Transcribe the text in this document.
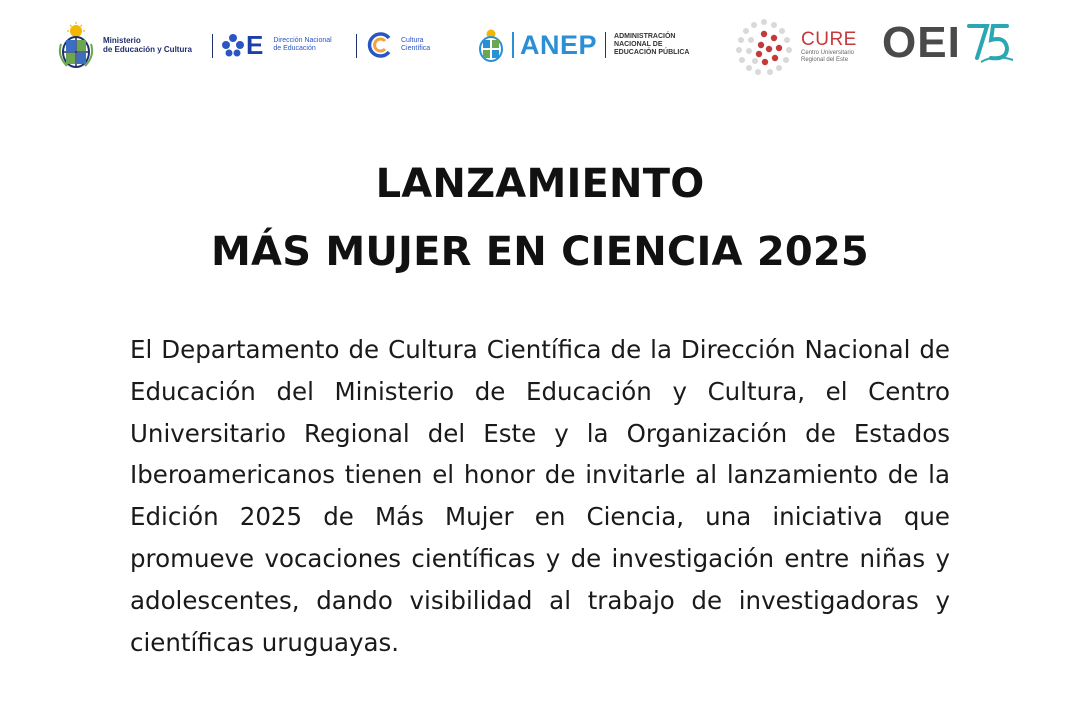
Ministerio
de Educación y Cultura E Dirección Nacional
de Educación
Cultura
Científica	ANEP ADMINISTRACIÓN
NACIONAL DE
EDUCACIÓN PÚBLICA
CURE
Centro Universitario
Regional del Este OEI
LANZAMIENTO
MÁS MUJER EN CIENCIA 2025

El Departamento de Cultura Científica de la Dirección Nacional de Educación del Ministerio de Educación y Cultura, el Centro Universitario Regional del Este y la Organización de Estados Iberoamericanos tienen el honor de invitarle al lanzamiento de la Edición 2025 de Más Mujer en Ciencia, una iniciativa que promueve vocaciones científicas y de investigación entre niñas y adolescentes, dando visibilidad al trabajo de investigadoras y científicas uruguayas.
